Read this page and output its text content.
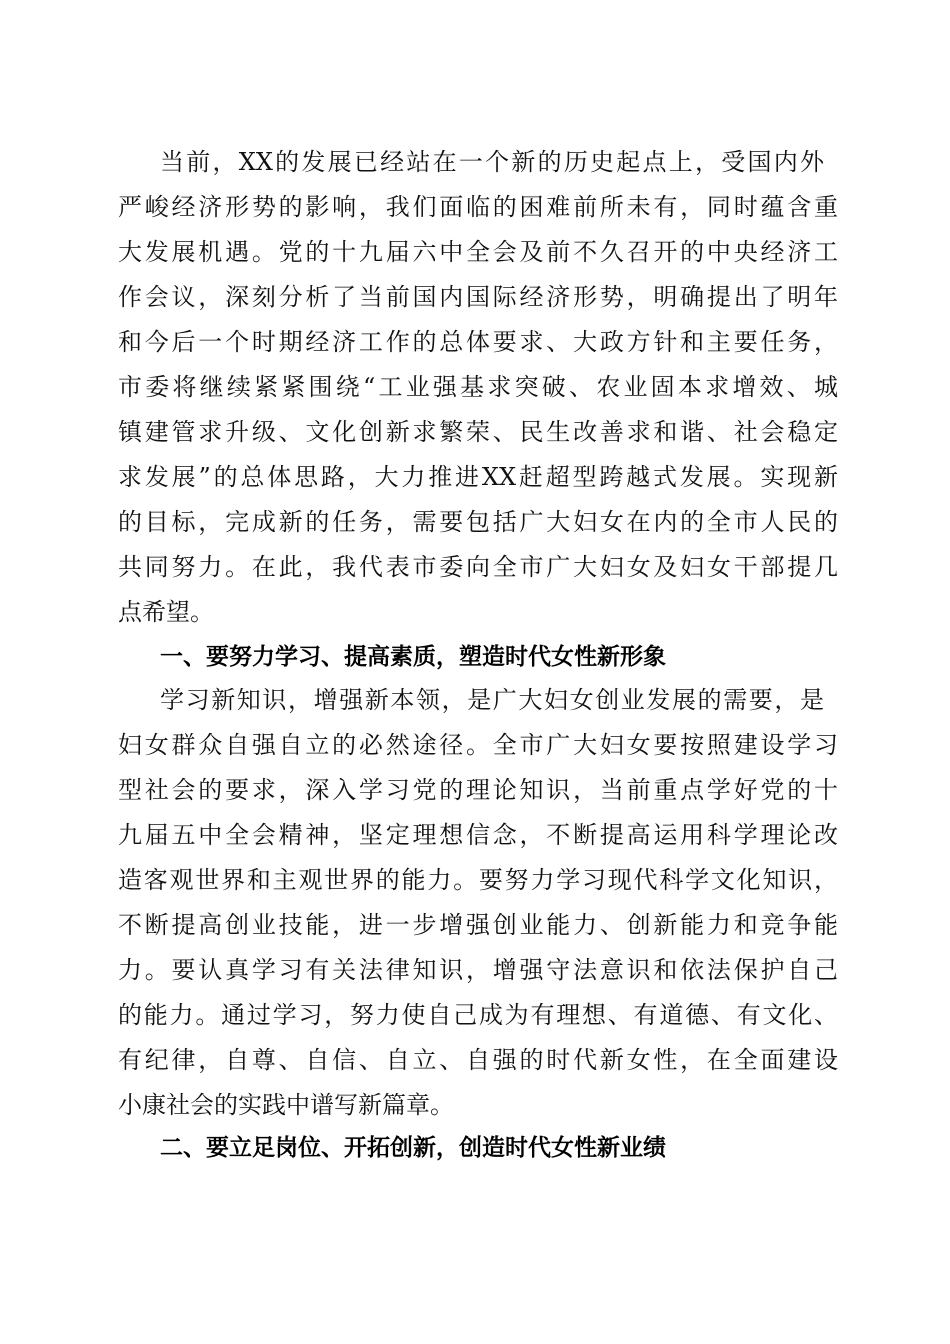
当前，XX的发展已经站在一个新的历史起点上，受国内外
严峻经济形势的影响，我们面临的困难前所未有，同时蕴含重
大发展机遇。党的十九届六中全会及前不久召开的中央经济工
作会议，深刻分析了当前国内国际经济形势，明确提出了明年
和今后一个时期经济工作的总体要求、大政方针和主要任务，
市委将继续紧紧围绕“工业强基求突破、农业固本求增效、城
镇建管求升级、文化创新求繁荣、民生改善求和谐、社会稳定
求发展”的总体思路，大力推进XX赶超型跨越式发展。实现新
的目标，完成新的任务，需要包括广大妇女在内的全市人民的
共同努力。在此，我代表市委向全市广大妇女及妇女干部提几
点希望。
一、要努力学习、提高素质，塑造时代女性新形象
学习新知识，增强新本领，是广大妇女创业发展的需要，是
妇女群众自强自立的必然途径。全市广大妇女要按照建设学习
型社会的要求，深入学习党的理论知识，当前重点学好党的十
九届五中全会精神，坚定理想信念，不断提高运用科学理论改
造客观世界和主观世界的能力。要努力学习现代科学文化知识，
不断提高创业技能，进一步增强创业能力、创新能力和竞争能
力。要认真学习有关法律知识，增强守法意识和依法保护自己
的能力。通过学习，努力使自己成为有理想、有道德、有文化、
有纪律，自尊、自信、自立、自强的时代新女性，在全面建设
小康社会的实践中谱写新篇章。
二、要立足岗位、开拓创新，创造时代女性新业绩
